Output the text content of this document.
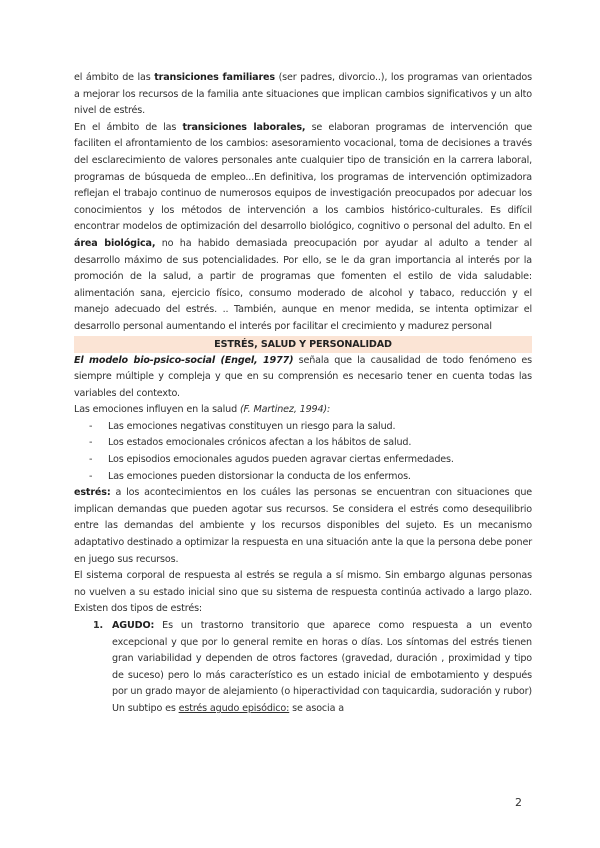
el ámbito de las transiciones familiares (ser padres, divorcio..), los programas van orientados a mejorar los recursos de la familia ante situaciones que implican cambios significativos y un alto nivel de estrés.

En el ámbito de las transiciones laborales, se elaboran programas de intervención que faciliten el afrontamiento de los cambios: asesoramiento vocacional, toma de decisiones a través del esclarecimiento de valores personales ante cualquier tipo de transición en la carrera laboral, programas de búsqueda de empleo...En definitiva, los programas de intervención optimizadora reflejan el trabajo continuo de numerosos equipos de investigación preocupados por adecuar los conocimientos y los métodos de intervención a los cambios histórico-culturales. Es difícil encontrar modelos de optimización del desarrollo biológico, cognitivo o personal del adulto. En el área biológica, no ha habido demasiada preocupación por ayudar al adulto a tender al desarrollo máximo de sus potencialidades. Por ello, se le da gran importancia al interés por la promoción de la salud, a partir de programas que fomenten el estilo de vida saludable: alimentación sana, ejercicio físico, consumo moderado de alcohol y tabaco, reducción y el manejo adecuado del estrés. .. También, aunque en menor medida, se intenta optimizar el desarrollo personal aumentando el interés por facilitar el crecimiento y madurez personal

ESTRÉS, SALUD Y PERSONALIDAD

El modelo bio-psico-social (Engel, 1977) señala que la causalidad de todo fenómeno es siempre múltiple y compleja y que en su comprensión es necesario tener en cuenta todas las variables del contexto.

Las emociones influyen en la salud (F. Martinez, 1994):

- Las emociones negativas constituyen un riesgo para la salud.
- Los estados emocionales crónicos afectan a los hábitos de salud.
- Los episodios emocionales agudos pueden agravar ciertas enfermedades.
- Las emociones pueden distorsionar la conducta de los enfermos.

estrés: a los acontecimientos en los cuáles las personas se encuentran con situaciones que implican demandas que pueden agotar sus recursos. Se considera el estrés como desequilibrio entre las demandas del ambiente y los recursos disponibles del sujeto. Es un mecanismo adaptativo destinado a optimizar la respuesta en una situación ante la que la persona debe poner en juego sus recursos.

El sistema corporal de respuesta al estrés se regula a sí mismo. Sin embargo algunas personas no vuelven a su estado inicial sino que su sistema de respuesta continúa activado a largo plazo. Existen dos tipos de estrés:

1. AGUDO: Es un trastorno transitorio que aparece como respuesta a un evento excepcional y que por lo general remite en horas o días. Los síntomas del estrés tienen gran variabilidad y dependen de otros factores (gravedad, duración , proximidad y tipo de suceso) pero lo más característico es un estado inicial de embotamiento y después por un grado mayor de alejamiento (o hiperactividad con taquicardia, sudoración y rubor) Un subtipo es estrés agudo episódico: se asocia a
2
